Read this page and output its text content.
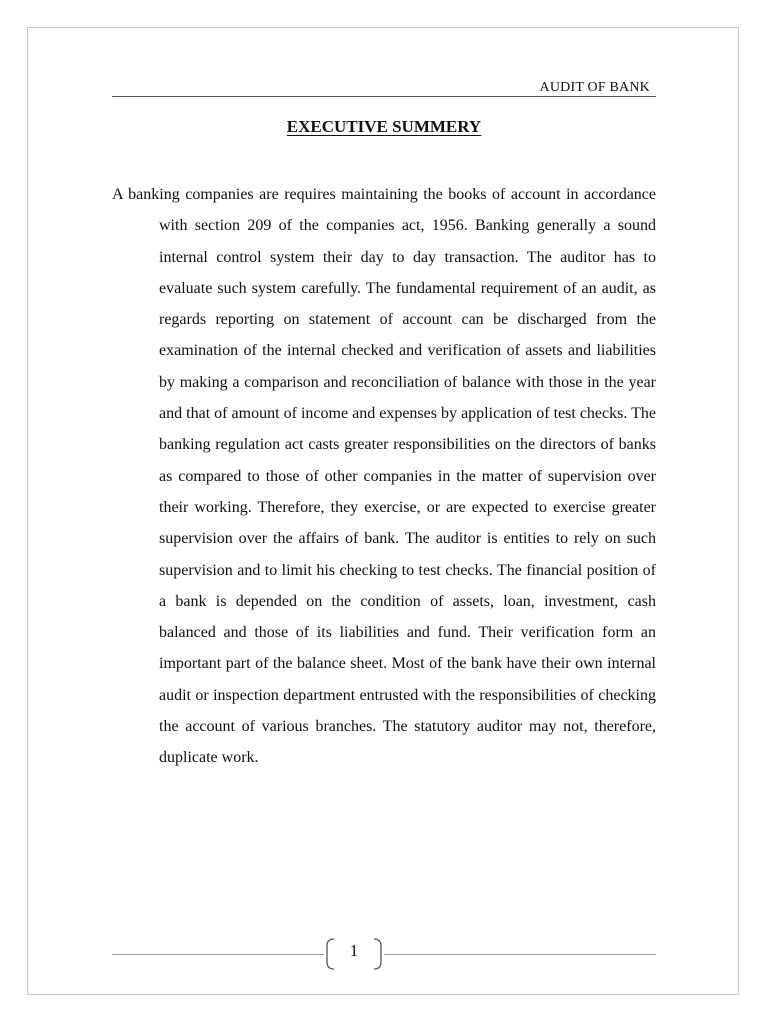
AUDIT OF BANK
EXECUTIVE SUMMERY

A banking companies are requires maintaining the books of account in accordance with section 209 of the companies act, 1956. Banking generally a sound internal control system their day to day transaction. The auditor has to evaluate such system carefully. The fundamental requirement of an audit, as regards reporting on statement of account can be discharged from the examination of the internal checked and verification of assets and liabilities by making a comparison and reconciliation of balance with those in the year and that of amount of income and expenses by application of test checks. The banking regulation act casts greater responsibilities on the directors of banks as compared to those of other companies in the matter of supervision over their working. Therefore, they exercise, or are expected to exercise greater supervision over the affairs of bank. The auditor is entities to rely on such supervision and to limit his checking to test checks. The financial position of a bank is depended on the condition of assets, loan, investment, cash balanced and those of its liabilities and fund. Their verification form an important part of the balance sheet. Most of the bank have their own internal audit or inspection department entrusted with the responsibilities of checking the account of various branches. The statutory auditor may not, therefore, duplicate work.

1
